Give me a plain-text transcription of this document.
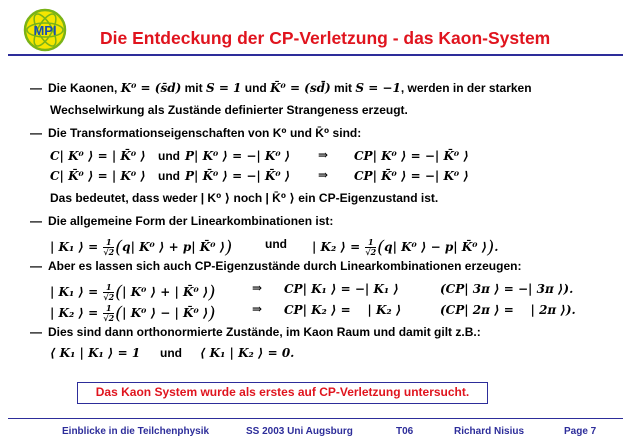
MPI Die Entdeckung der CP-Verletzung - das Kaon-System
— Die Kaonen, K⁰ = (s̄d) mit S = 1 und K̄⁰ = (sd̄) mit S = −1, werden in der starken
Wechselwirkung als Zustände definierter Strangeness erzeugt.
— Die Transformationseigenschaften von K⁰ und K̄⁰ sind:
C| K⁰ ⟩ = | K̄⁰ ⟩ und P| K⁰ ⟩ = −| K⁰ ⟩ ⇒ CP| K⁰ ⟩ = −| K̄⁰ ⟩
C| K̄⁰ ⟩ = | K⁰ ⟩ und P| K̄⁰ ⟩ = −| K̄⁰ ⟩ ⇒ CP| K̄⁰ ⟩ = −| K⁰ ⟩
Das bedeutet, dass weder | K⁰ ⟩ noch | K̄⁰ ⟩ ein CP-Eigenzustand ist.
— Die allgemeine Form der Linearkombinationen ist:
| K₁ ⟩ = $\frac{1}{√2} (q|$ K⁰ ⟩ + p| K̄⁰ ⟩)	und | K₂ ⟩ = $\frac{1}{√2} (q|$ K⁰ ⟩ − p| K̄⁰ ⟩).
— Aber es lassen sich auch CP-Eigenzustände durch Linearkombinationen erzeugen:
| K₁ ⟩ = $\frac{1}{√2}$ (| K⁰ ⟩ + | K̄⁰ ⟩)	⇒ CP| K₁ ⟩ = −| K₁ ⟩	(CP| 3π ⟩ = −| 3π ⟩).
| K₂ ⟩ = $\frac{1}{√2}$ (| K⁰ ⟩ − | K̄⁰ ⟩)	⇒ CP| K₂ ⟩ =    | K₂ ⟩	(CP| 2π ⟩ =    | 2π ⟩).
— Dies sind dann orthonormierte Zustände, im Kaon Raum und damit gilt z.B.:
⟨ K₁ | K₁ ⟩ = 1 und ⟨ K₁ | K₂ ⟩ = 0.
Das Kaon System wurde als erstes auf CP-Verletzung untersucht.
Einblicke in die Teilchenphysik	SS 2003 Uni Augsburg	T06	Richard Nisius	Page 7
